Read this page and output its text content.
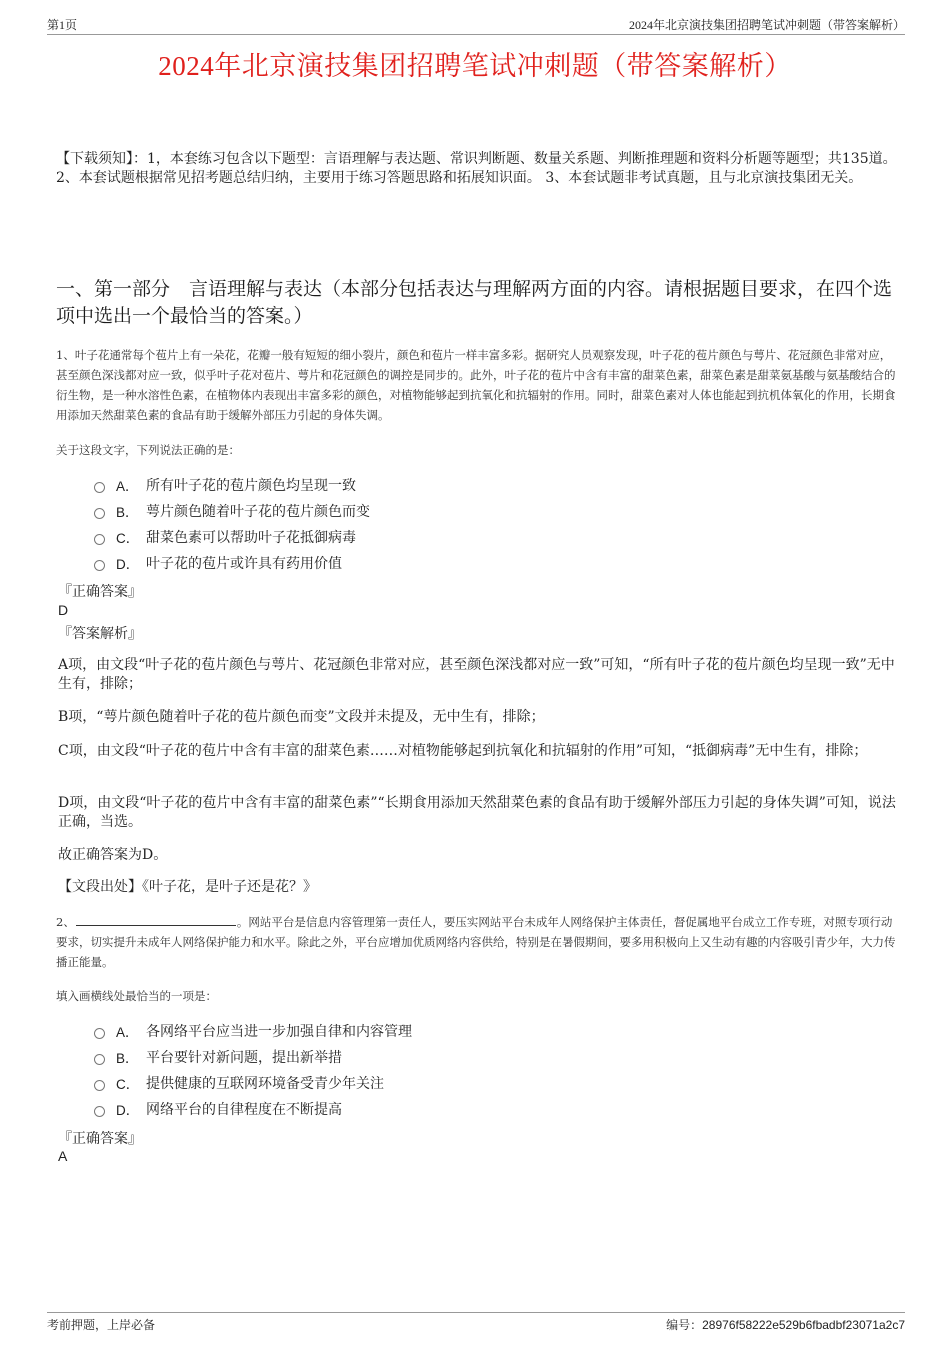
第1页	2024年北京演技集团招聘笔试冲刺题（带答案解析）
2024年北京演技集团招聘笔试冲刺题（带答案解析）
【下载须知】：1，本套练习包含以下题型：言语理解与表达题、常识判断题、数量关系题、判断推理题和资料分析题等题型；共135道。 2、本套试题根据常见招考题总结归纳，主要用于练习答题思路和拓展知识面。 3、本套试题非考试真题，且与北京演技集团无关。
一、第一部分　言语理解与表达（本部分包括表达与理解两方面的内容。请根据题目要求，在四个选项中选出一个最恰当的答案。）
1、叶子花通常每个苞片上有一朵花，花瓣一般有短短的细小裂片，颜色和苞片一样丰富多彩。据研究人员观察发现，叶子花的苞片颜色与萼片、花冠颜色非常对应，甚至颜色深浅都对应一致，似乎叶子花对苞片、萼片和花冠颜色的调控是同步的。此外，叶子花的苞片中含有丰富的甜菜色素，甜菜色素是甜菜氨基酸与氨基酸结合的衍生物，是一种水溶性色素，在植物体内表现出丰富多彩的颜色，对植物能够起到抗氧化和抗辐射的作用。同时，甜菜色素对人体也能起到抗机体氧化的作用，长期食用添加天然甜菜色素的食品有助于缓解外部压力引起的身体失调。
关于这段文字，下列说法正确的是：
A． 所有叶子花的苞片颜色均呈现一致
B． 萼片颜色随着叶子花的苞片颜色而变
C． 甜菜色素可以帮助叶子花抵御病毒
D． 叶子花的苞片或许具有药用价值
『正确答案』
D
『答案解析』
A项，由文段“叶子花的苞片颜色与萼片、花冠颜色非常对应，甚至颜色深浅都对应一致”可知，“所有叶子花的苞片颜色均呈现一致”无中生有，排除；
B项，“萼片颜色随着叶子花的苞片颜色而变”文段并未提及，无中生有，排除；
C项，由文段“叶子花的苞片中含有丰富的甜菜色素……对植物能够起到抗氧化和抗辐射的作用”可知，“抵御病毒”无中生有，排除；
D项，由文段“叶子花的苞片中含有丰富的甜菜色素”“长期食用添加天然甜菜色素的食品有助于缓解外部压力引起的身体失调”可知，说法正确，当选。
故正确答案为D。
【文段出处】《叶子花，是叶子还是花？》
2、	。网站平台是信息内容管理第一责任人，要压实网站平台未成年人网络保护主体责任，督促属地平台成立工作专班，对照专项行动要求，切实提升未成年人网络保护能力和水平。除此之外，平台应增加优质网络内容供给，特别是在暑假期间，要多用积极向上又生动有趣的内容吸引青少年，大力传播正能量。
填入画横线处最恰当的一项是：
A． 各网络平台应当进一步加强自律和内容管理
B． 平台要针对新问题，提出新举措
C． 提供健康的互联网环境备受青少年关注
D． 网络平台的自律程度在不断提高
『正确答案』
A
考前押题，上岸必备	编号：28976f58222e529b6fbadbf23071a2c7
